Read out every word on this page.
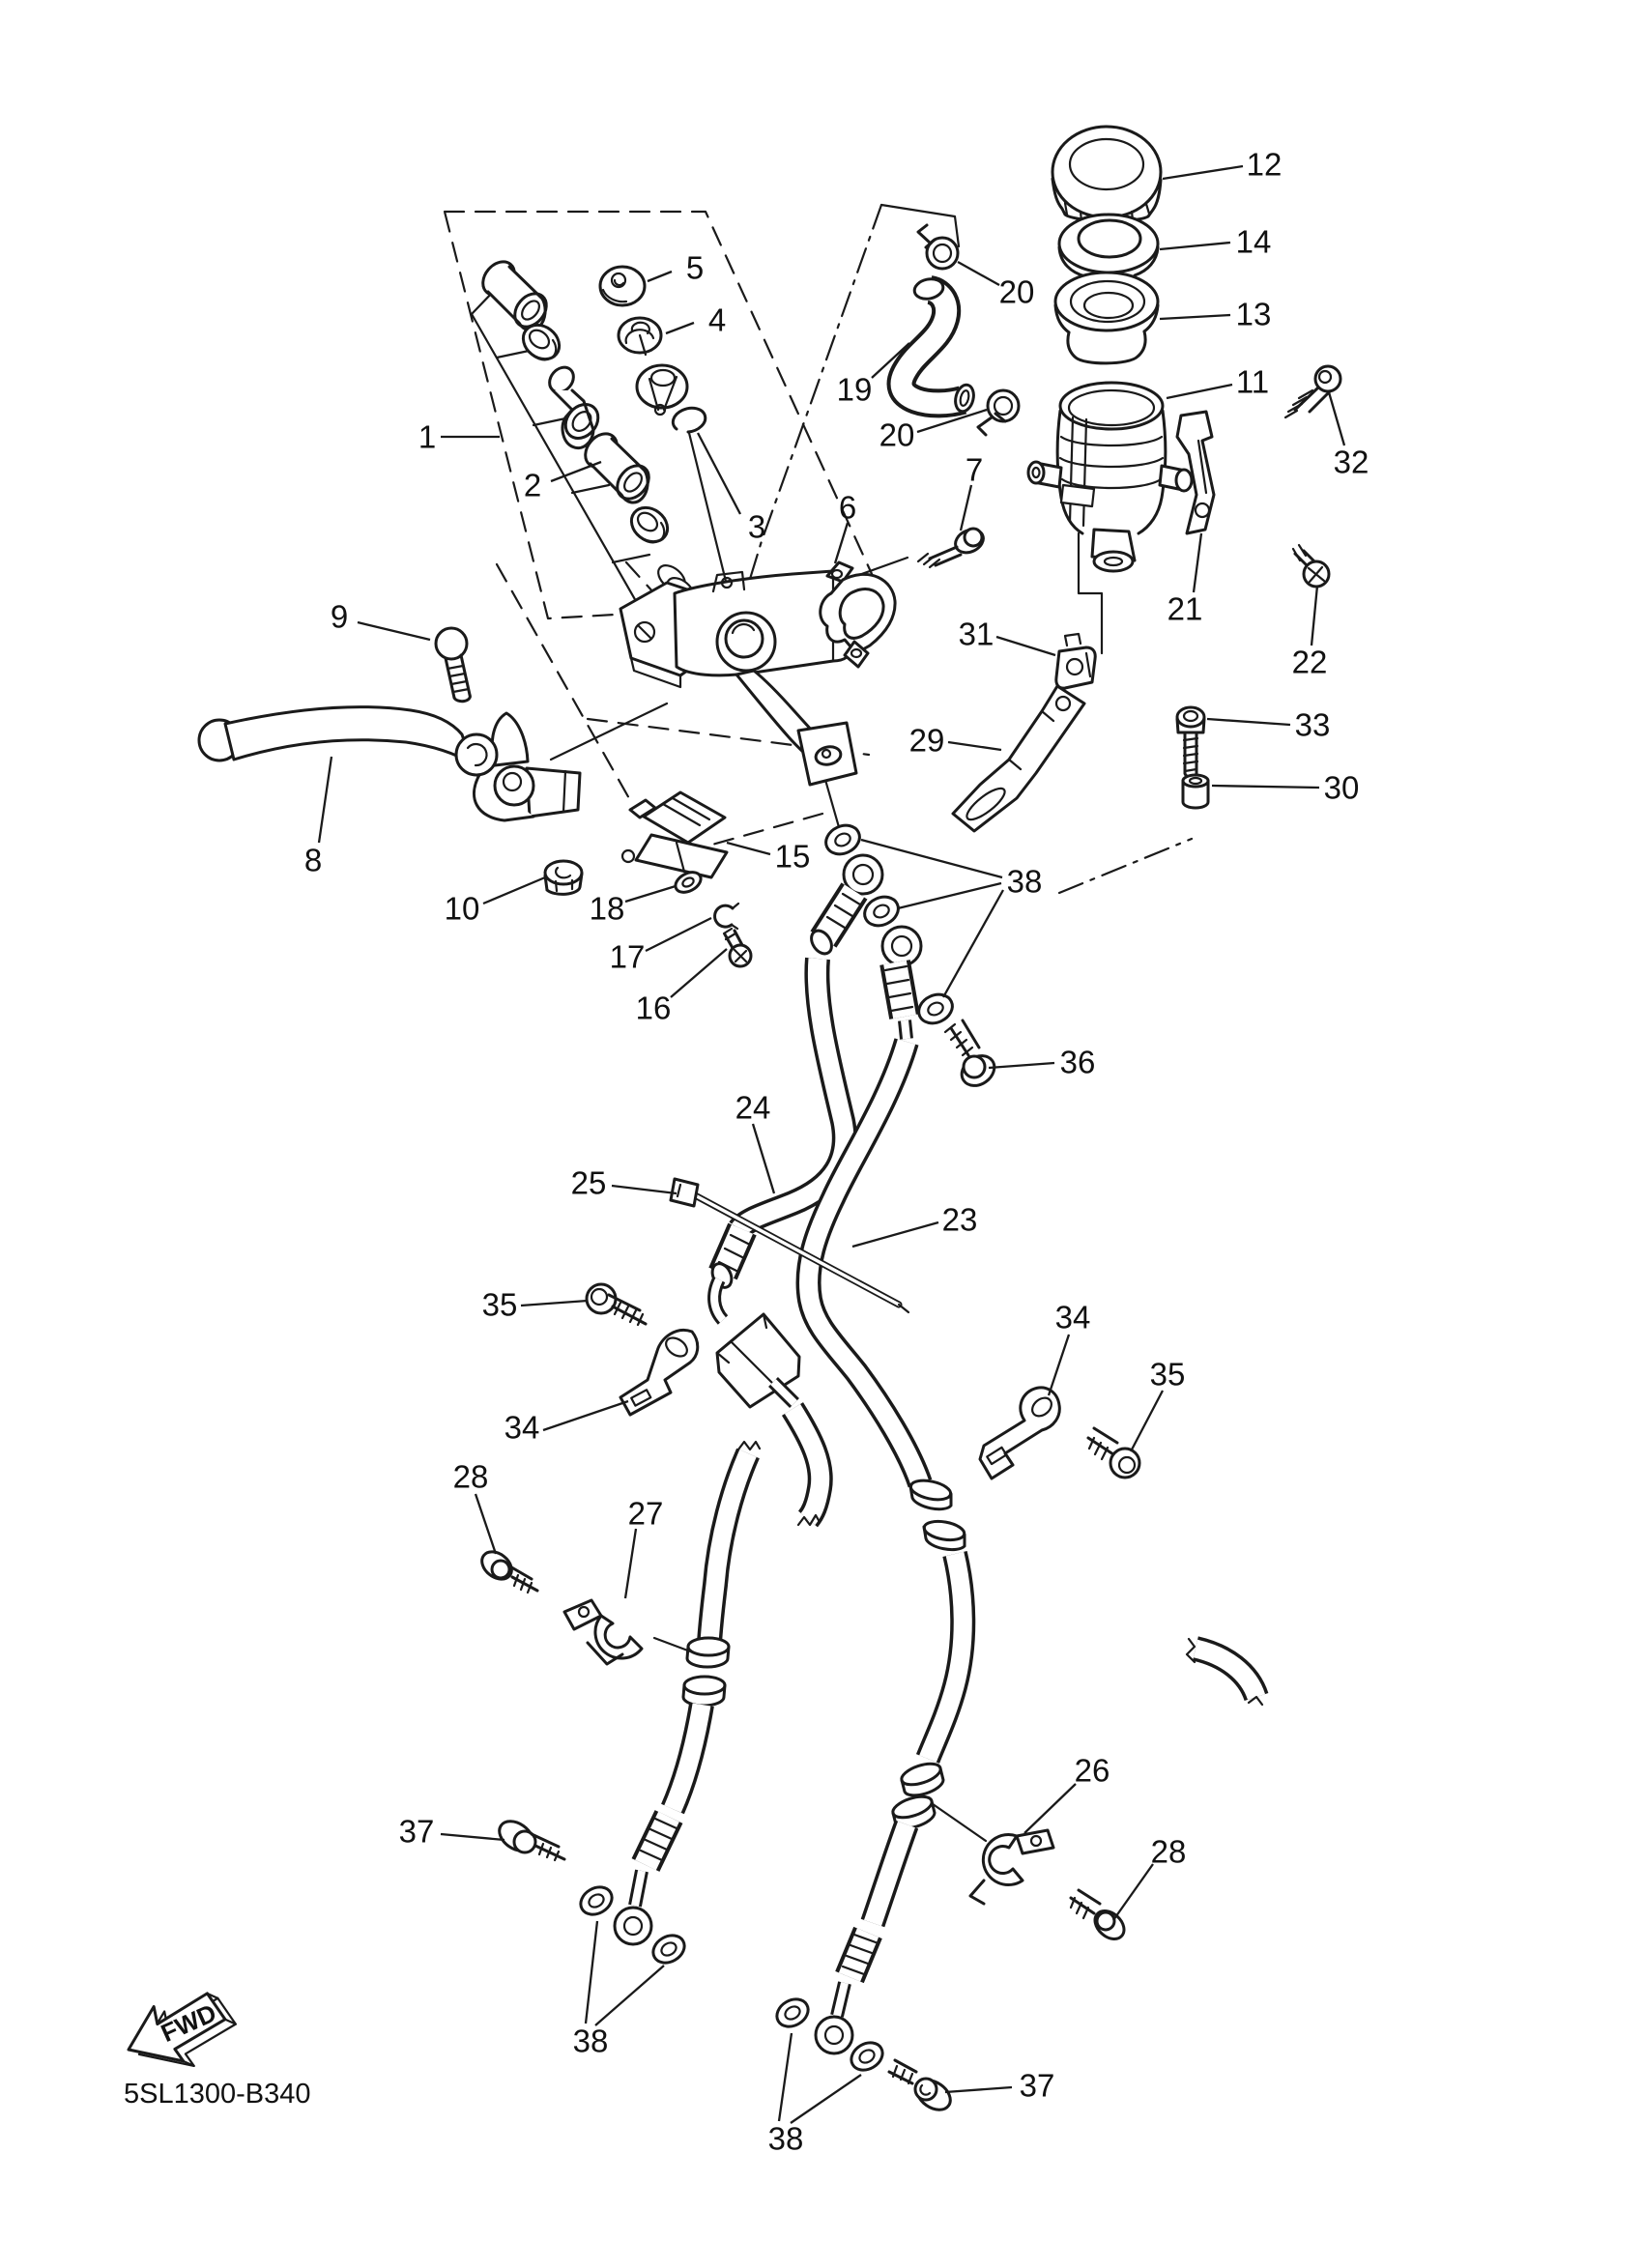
FWD
5SL1300-B340
1
2
3
4
5
6
7
8
9
10
11
12
13
14
15
16
17
18
19
20
20
21
22
23
24
25
26
27
28
28
29
30
31
32
33
34
34
35
35
36
37
37
38
38
38
